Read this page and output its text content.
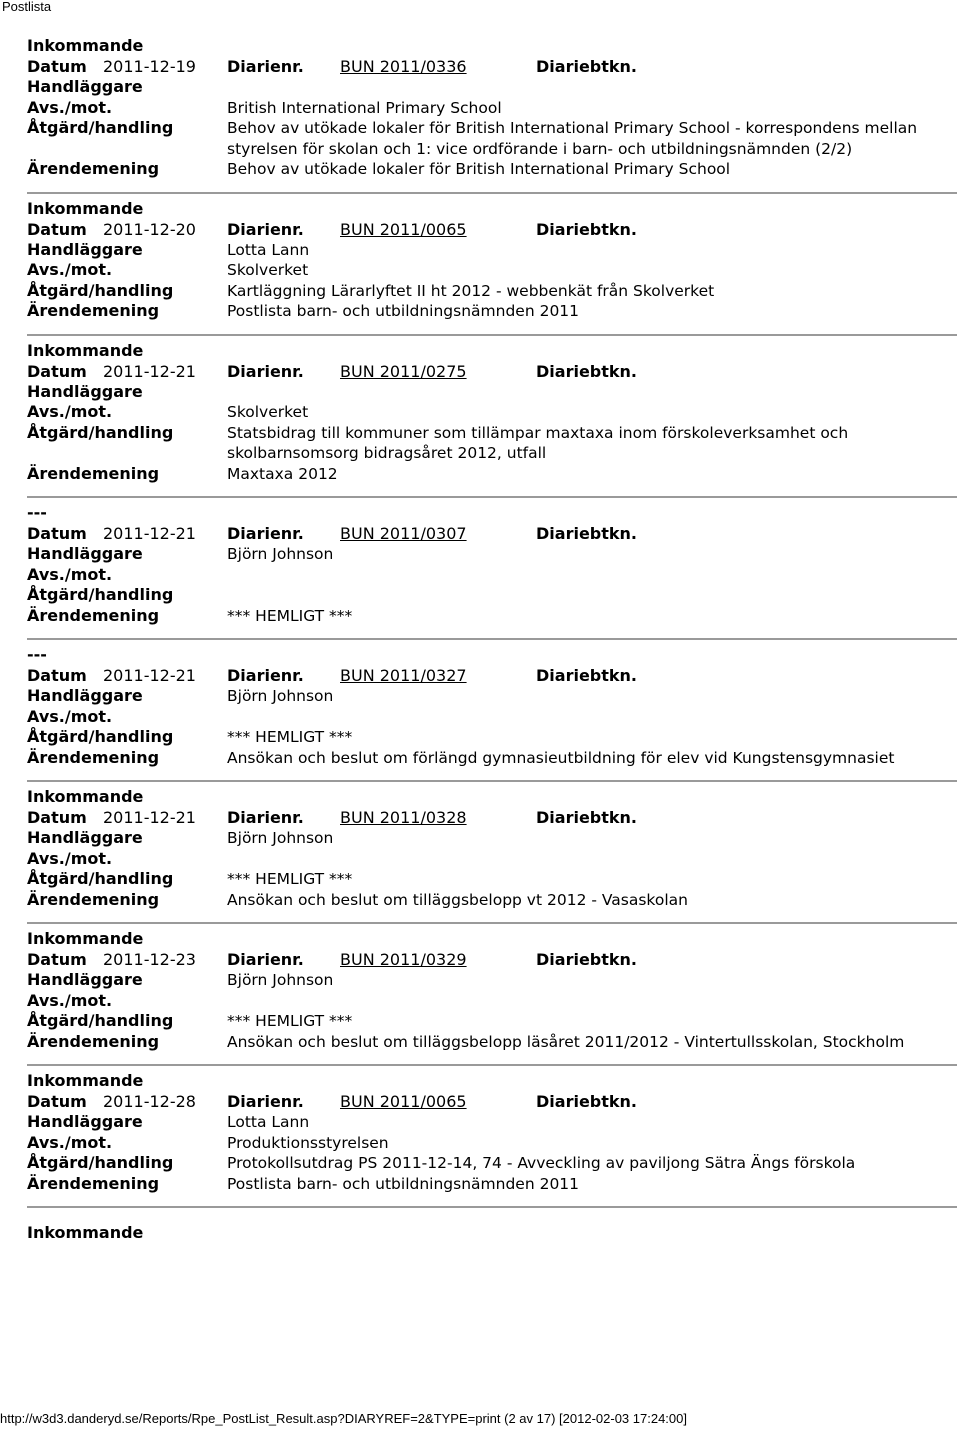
Postlista
Inkommande
Datum	2011-12-19	Diarienr.	BUN 2011/0336	Diariebtkn.
Handläggare
Avs./mot.	British International Primary School
Åtgärd/handling	Behov av utökade lokaler för British International Primary School - korrespondens mellan styrelsen för skolan och 1: vice ordförande i barn- och utbildningsnämnden (2/2)
Ärendemening	Behov av utökade lokaler för British International Primary School
Inkommande
Datum	2011-12-20	Diarienr.	BUN 2011/0065	Diariebtkn.
Handläggare	Lotta Lann
Avs./mot.	Skolverket
Åtgärd/handling	Kartläggning Lärarlyftet II ht 2012 - webbenkät från Skolverket
Ärendemening	Postlista barn- och utbildningsnämnden 2011
Inkommande
Datum	2011-12-21	Diarienr.	BUN 2011/0275	Diariebtkn.
Handläggare
Avs./mot.	Skolverket
Åtgärd/handling	Statsbidrag till kommuner som tillämpar maxtaxa inom förskoleverksamhet och skolbarnsomsorg bidragsåret 2012, utfall
Ärendemening	Maxtaxa 2012
---
Datum	2011-12-21	Diarienr.	BUN 2011/0307	Diariebtkn.
Handläggare	Björn Johnson
Avs./mot.
Åtgärd/handling
Ärendemening	*** HEMLIGT ***
---
Datum	2011-12-21	Diarienr.	BUN 2011/0327	Diariebtkn.
Handläggare	Björn Johnson
Avs./mot.
Åtgärd/handling	*** HEMLIGT ***
Ärendemening	Ansökan och beslut om förlängd gymnasieutbildning för elev vid Kungstensgymnasiet
Inkommande
Datum	2011-12-21	Diarienr.	BUN 2011/0328	Diariebtkn.
Handläggare	Björn Johnson
Avs./mot.
Åtgärd/handling	*** HEMLIGT ***
Ärendemening	Ansökan och beslut om tilläggsbelopp vt 2012 - Vasaskolan
Inkommande
Datum	2011-12-23	Diarienr.	BUN 2011/0329	Diariebtkn.
Handläggare	Björn Johnson
Avs./mot.
Åtgärd/handling	*** HEMLIGT ***
Ärendemening	Ansökan och beslut om tilläggsbelopp läsåret 2011/2012 - Vintertullsskolan, Stockholm
Inkommande
Datum	2011-12-28	Diarienr.	BUN 2011/0065	Diariebtkn.
Handläggare	Lotta Lann
Avs./mot.	Produktionsstyrelsen
Åtgärd/handling	Protokollsutdrag PS 2011-12-14, 74 - Avveckling av paviljong Sätra Ängs förskola
Ärendemening	Postlista barn- och utbildningsnämnden 2011
Inkommande
http://w3d3.danderyd.se/Reports/Rpe_PostList_Result.asp?DIARYREF=2&TYPE=print (2 av 17) [2012-02-03 17:24:00]
